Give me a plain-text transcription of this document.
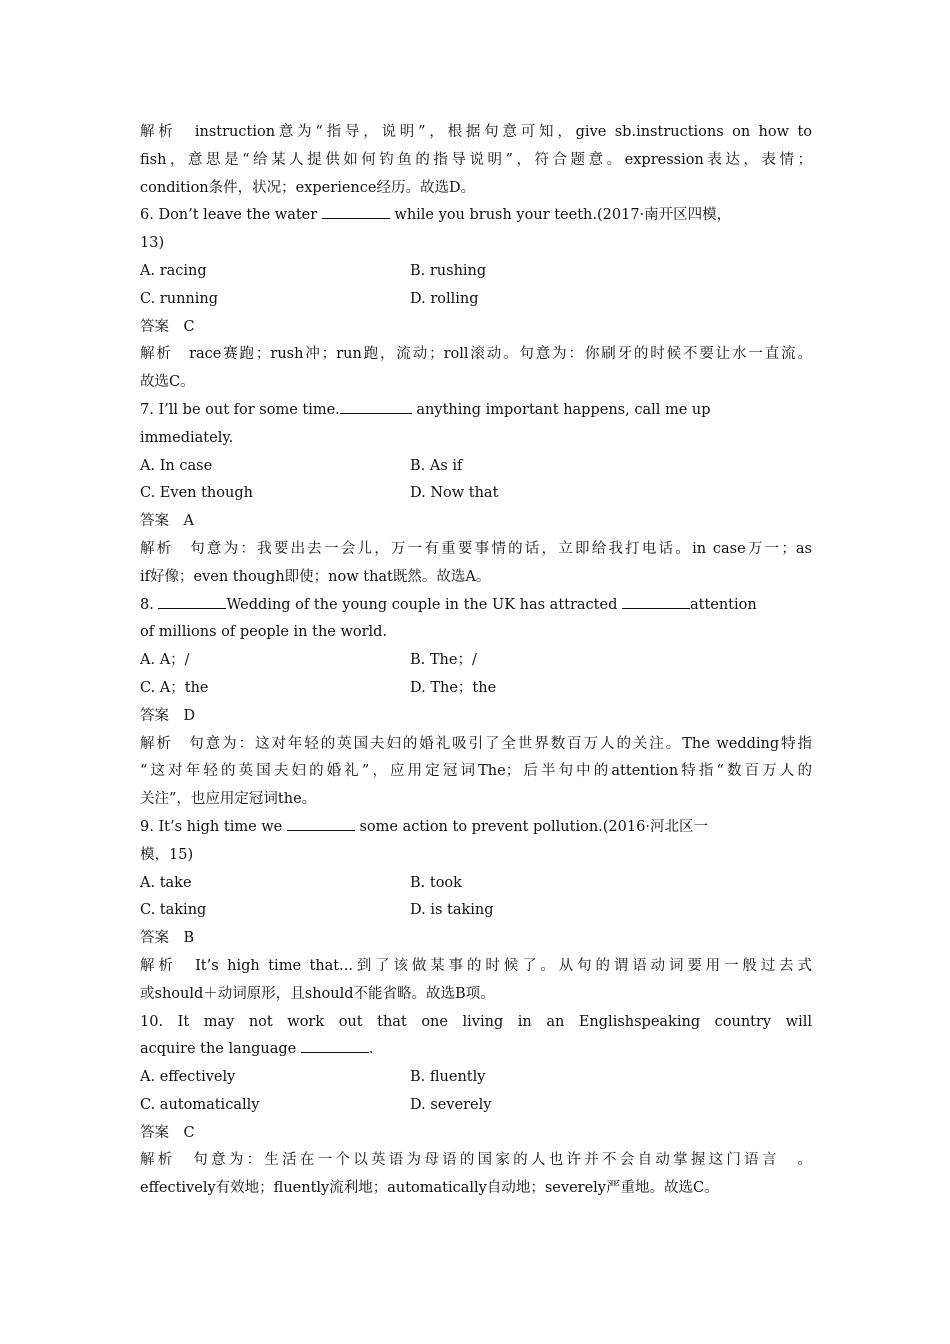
解析　instruction意为“指导，说明”，根据句意可知，give sb.instructions on how to
fish，意思是“给某人提供如何钓鱼的指导说明”，符合题意。expression表达，表情；
condition条件，状况；experience经历。故选D。
6. Don’t leave the water	while you brush your teeth.(2017·南开区四模，
13)
A. racing	B. rushing
C. running	D. rolling
答案　C
解析　race赛跑；rush冲；run跑，流动；roll滚动。句意为：你刷牙的时候不要让水一直流。
故选C。
7. I’ll be out for some time.	anything important happens, call me up
immediately.
A. In case	B. As if
C. Even though	D. Now that
答案　A
解析　句意为：我要出去一会儿，万一有重要事情的话，立即给我打电话。in case万一；as
if好像；even though即使；now that既然。故选A。
8.	Wedding of the young couple in the UK has attracted	attention
of millions of people in the world.
A. A；/	B. The；/
C. A；the	D. The；the
答案　D
解析　句意为：这对年轻的英国夫妇的婚礼吸引了全世界数百万人的关注。The wedding特指
“这对年轻的英国夫妇的婚礼”，应用定冠词The；后半句中的attention特指“数百万人的
关注”，也应用定冠词the。
9. It’s high time we	some action to prevent pollution.(2016·河北区一
模，15)
A. take	B. took
C. taking	D. is taking
答案　B
解析　It’s high time that...到了该做某事的时候了。从句的谓语动词要用一般过去式
或should＋动词原形，且should不能省略。故选B项。
10. It may not work out that one living in an Englishspeaking country will
acquire the language	.
A. effectively	B. fluently
C. automatically	D. severely
答案　C
解析　句意为：生活在一个以英语为母语的国家的人也许并不会自动掌握这门语言　。
effectively有效地；fluently流利地；automatically自动地；severely严重地。故选C。
